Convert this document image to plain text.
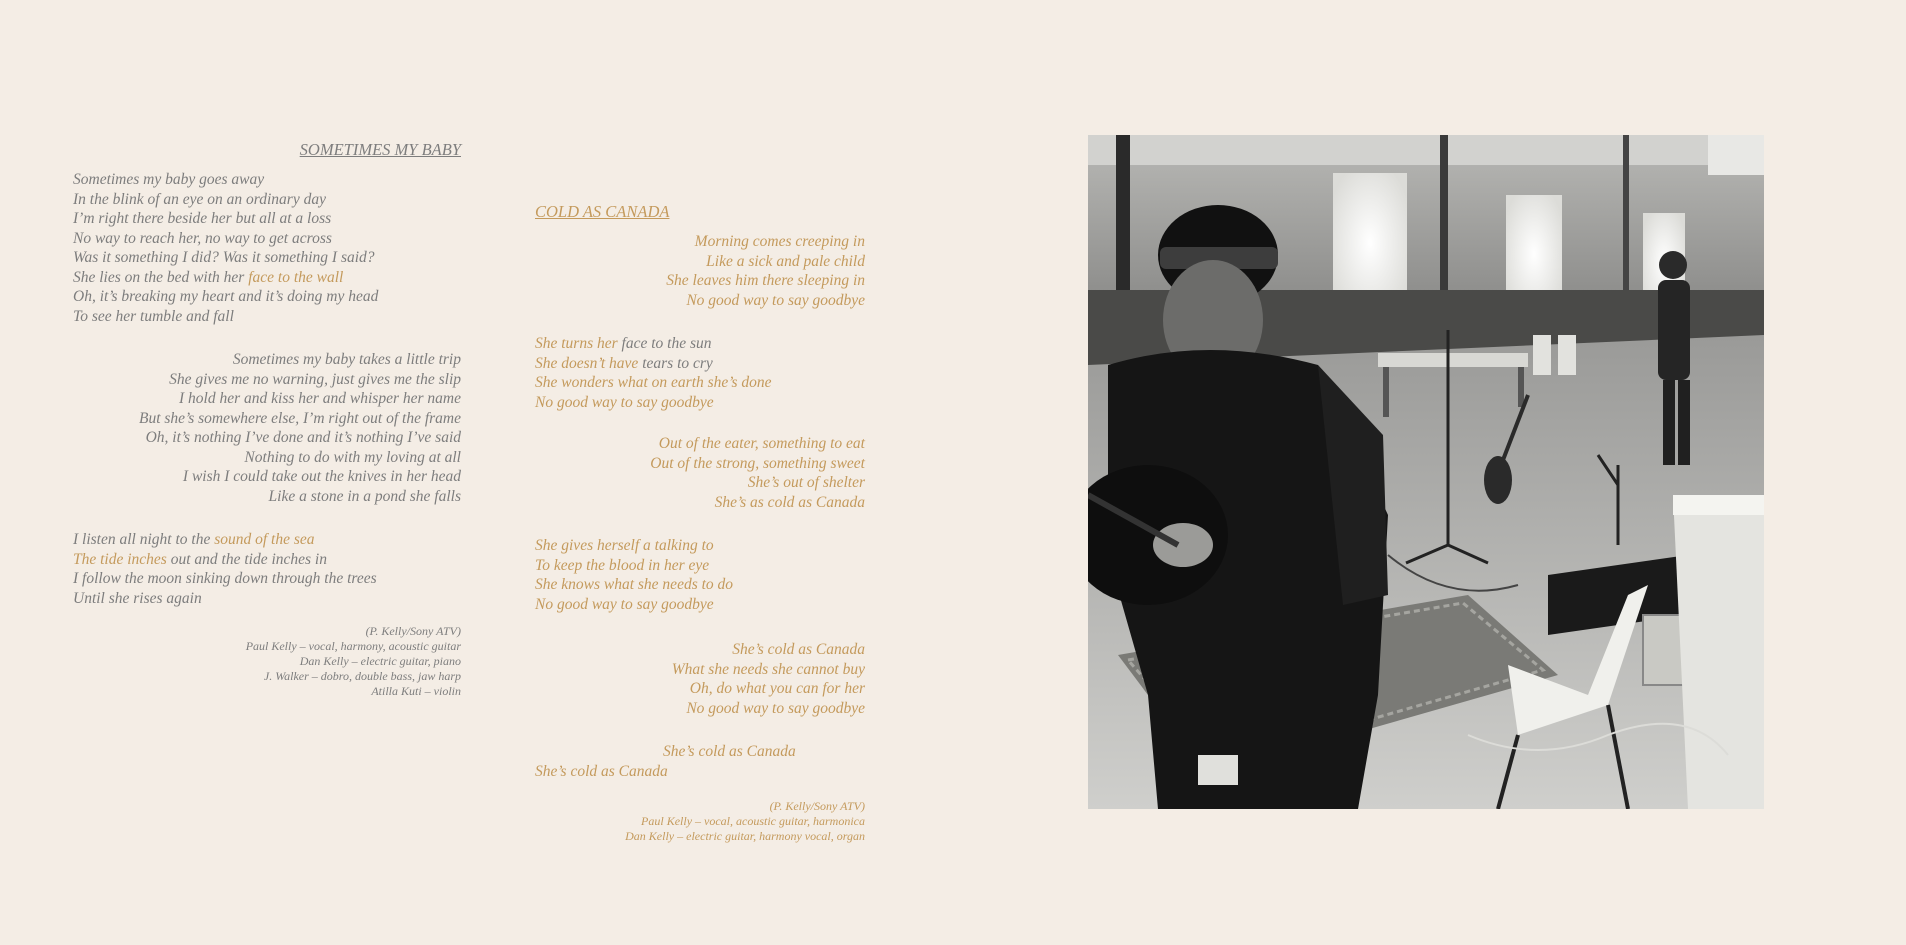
SOMETIMES MY BABY
Sometimes my baby goes away
In the blink of an eye on an ordinary day
I’m right there beside her but all at a loss
No way to reach her, no way to get across
Was it something I did? Was it something I said?
She lies on the bed with her face to the wall
Oh, it’s breaking my heart and it’s doing my head
To see her tumble and fall
Sometimes my baby takes a little trip
She gives me no warning, just gives me the slip
I hold her and kiss her and whisper her name
But she’s somewhere else, I’m right out of the frame
Oh, it’s nothing I’ve done and it’s nothing I’ve said
Nothing to do with my loving at all
I wish I could take out the knives in her head
Like a stone in a pond she falls
I listen all night to the sound of the sea
The tide inches out and the tide inches in
I follow the moon sinking down through the trees
Until she rises again
(P. Kelly/Sony ATV)
Paul Kelly – vocal, harmony, acoustic guitar
Dan Kelly – electric guitar, piano
J. Walker – dobro, double bass, jaw harp
Atilla Kuti – violin
COLD AS CANADA
Morning comes creeping in
Like a sick and pale child
She leaves him there sleeping in
No good way to say goodbye
She turns her face to the sun
She doesn’t have tears to cry
She wonders what on earth she’s done
No good way to say goodbye
Out of the eater, something to eat
Out of the strong, something sweet
She’s out of shelter
She’s as cold as Canada
She gives herself a talking to
To keep the blood in her eye
She knows what she needs to do
No good way to say goodbye
She’s cold as Canada
What she needs she cannot buy
Oh, do what you can for her
No good way to say goodbye
She’s cold as Canada
She’s cold as Canada
(P. Kelly/Sony ATV)
Paul Kelly – vocal, acoustic guitar, harmonica
Dan Kelly – electric guitar, harmony vocal, organ
